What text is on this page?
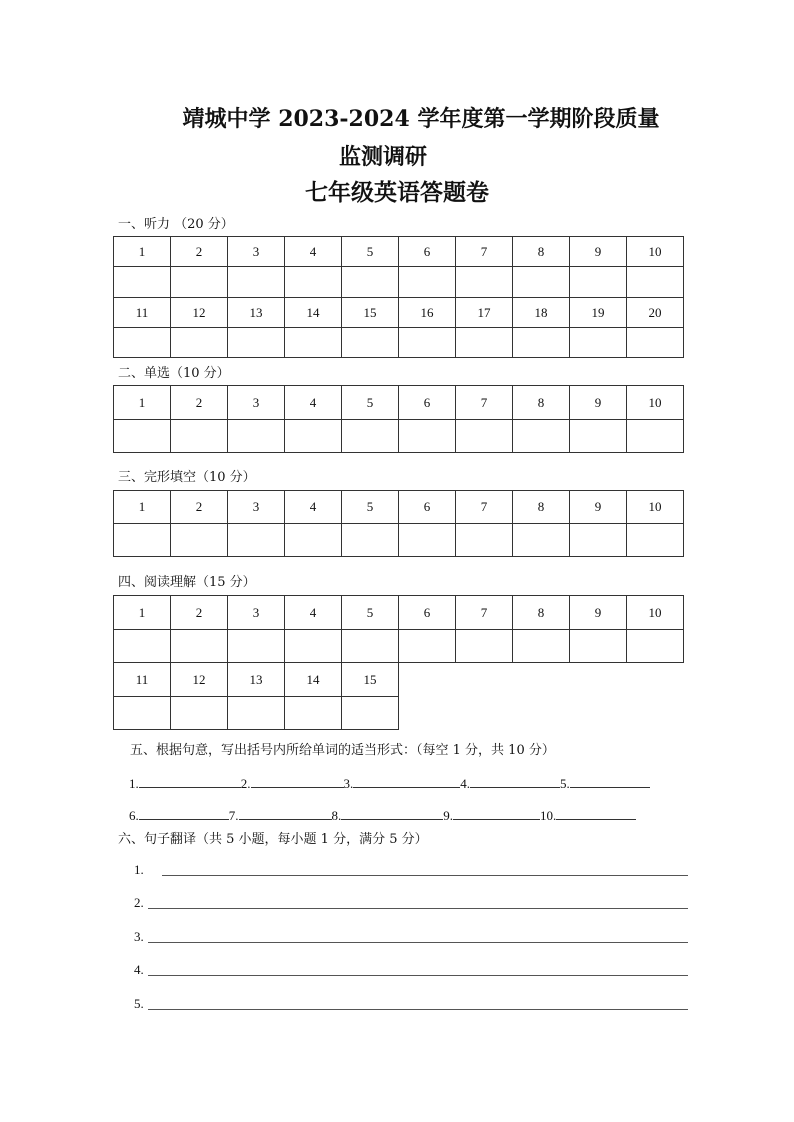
靖城中学 2023-2024 学年度第一学期阶段质量
监测调研
七年级英语答题卷
一、听力 （20 分）
1	2	3	4	5	6	7	8	9	10

11	12	13	14	15	16	17	18	19	20

二、单选（10 分）
1	2	3	4	5	6	7	8	9	10

三、完形填空（10 分）
1	2	3	4	5	6	7	8	9	10

四、阅读理解（15 分）
1	2	3	4	5	6	7	8	9	10

11	12	13	14	15

五、根据句意，写出括号内所给单词的适当形式：（每空 1 分，共 10 分）
1.	2.	3.	4.	5.
6.	7.	8.	9.	10.
六、句子翻译（共 5 小题，每小题 1 分，满分 5 分）
1.
2.
3.
4.
5.
